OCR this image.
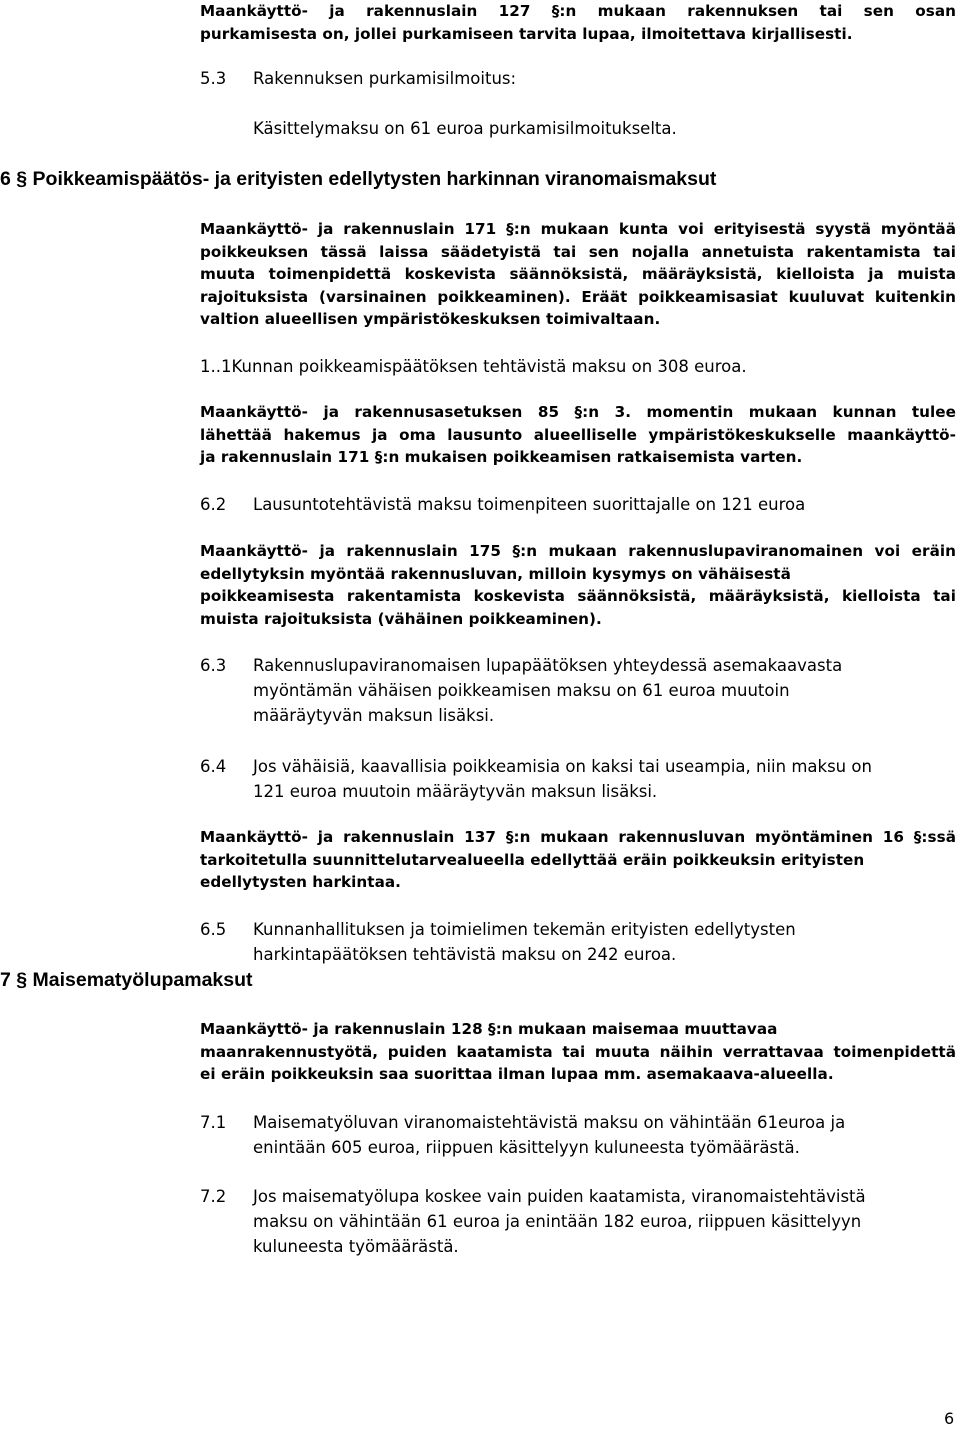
Maankäyttö- ja rakennuslain 127 §:n mukaan rakennuksen tai sen osan
purkamisesta on, jollei purkamiseen tarvita lupaa, ilmoitettava kirjallisesti.
5.3 Rakennuksen purkamisilmoitus:
Käsittelymaksu on 61 euroa purkamisilmoitukselta.
6 § Poikkeamispäätös- ja erityisten edellytysten harkinnan viranomaismaksut
Maankäyttö- ja rakennuslain 171 §:n mukaan kunta voi erityisestä syystä myöntää
poikkeuksen tässä laissa säädetyistä tai sen nojalla annetuista rakentamista tai
muuta toimenpidettä koskevista säännöksistä, määräyksistä, kielloista ja muista
rajoituksista (varsinainen poikkeaminen). Eräät poikkeamisasiat kuuluvat kuitenkin
valtion alueellisen ympäristökeskuksen toimivaltaan.
1..1Kunnan poikkeamispäätöksen tehtävistä maksu on 308 euroa.
Maankäyttö- ja rakennusasetuksen 85 §:n 3. momentin mukaan kunnan tulee
lähettää hakemus ja oma lausunto alueelliselle ympäristökeskukselle maankäyttö-
ja rakennuslain 171 §:n mukaisen poikkeamisen ratkaisemista varten.
6.2 Lausuntotehtävistä maksu toimenpiteen suorittajalle on 121 euroa
Maankäyttö- ja rakennuslain 175 §:n mukaan rakennuslupaviranomainen voi eräin
edellytyksin myöntää rakennusluvan, milloin kysymys on vähäisestä
poikkeamisesta rakentamista koskevista säännöksistä, määräyksistä, kielloista tai
muista rajoituksista (vähäinen poikkeaminen).
6.3 Rakennuslupaviranomaisen lupapäätöksen yhteydessä asemakaavasta
myöntämän vähäisen poikkeamisen maksu on 61 euroa muutoin
määräytyvän maksun lisäksi.
6.4 Jos vähäisiä, kaavallisia poikkeamisia on kaksi tai useampia, niin maksu on
121 euroa muutoin määräytyvän maksun lisäksi.
Maankäyttö- ja rakennuslain 137 §:n mukaan rakennusluvan myöntäminen 16 §:ssä
tarkoitetulla suunnittelutarvealueella edellyttää eräin poikkeuksin erityisten
edellytysten harkintaa.
6.5 Kunnanhallituksen ja toimielimen tekemän erityisten edellytysten
harkintapäätöksen tehtävistä maksu on 242 euroa.
7 § Maisematyölupamaksut
Maankäyttö- ja rakennuslain 128 §:n mukaan maisemaa muuttavaa
maanrakennustyötä, puiden kaatamista tai muuta näihin verrattavaa toimenpidettä
ei eräin poikkeuksin saa suorittaa ilman lupaa mm. asemakaava-alueella.
7.1 Maisematyöluvan viranomaistehtävistä maksu on vähintään 61euroa ja
enintään 605 euroa, riippuen käsittelyyn kuluneesta työmäärästä.
7.2 Jos maisematyölupa koskee vain puiden kaatamista, viranomaistehtävistä
maksu on vähintään 61 euroa ja enintään 182 euroa, riippuen käsittelyyn
kuluneesta työmäärästä.
6
